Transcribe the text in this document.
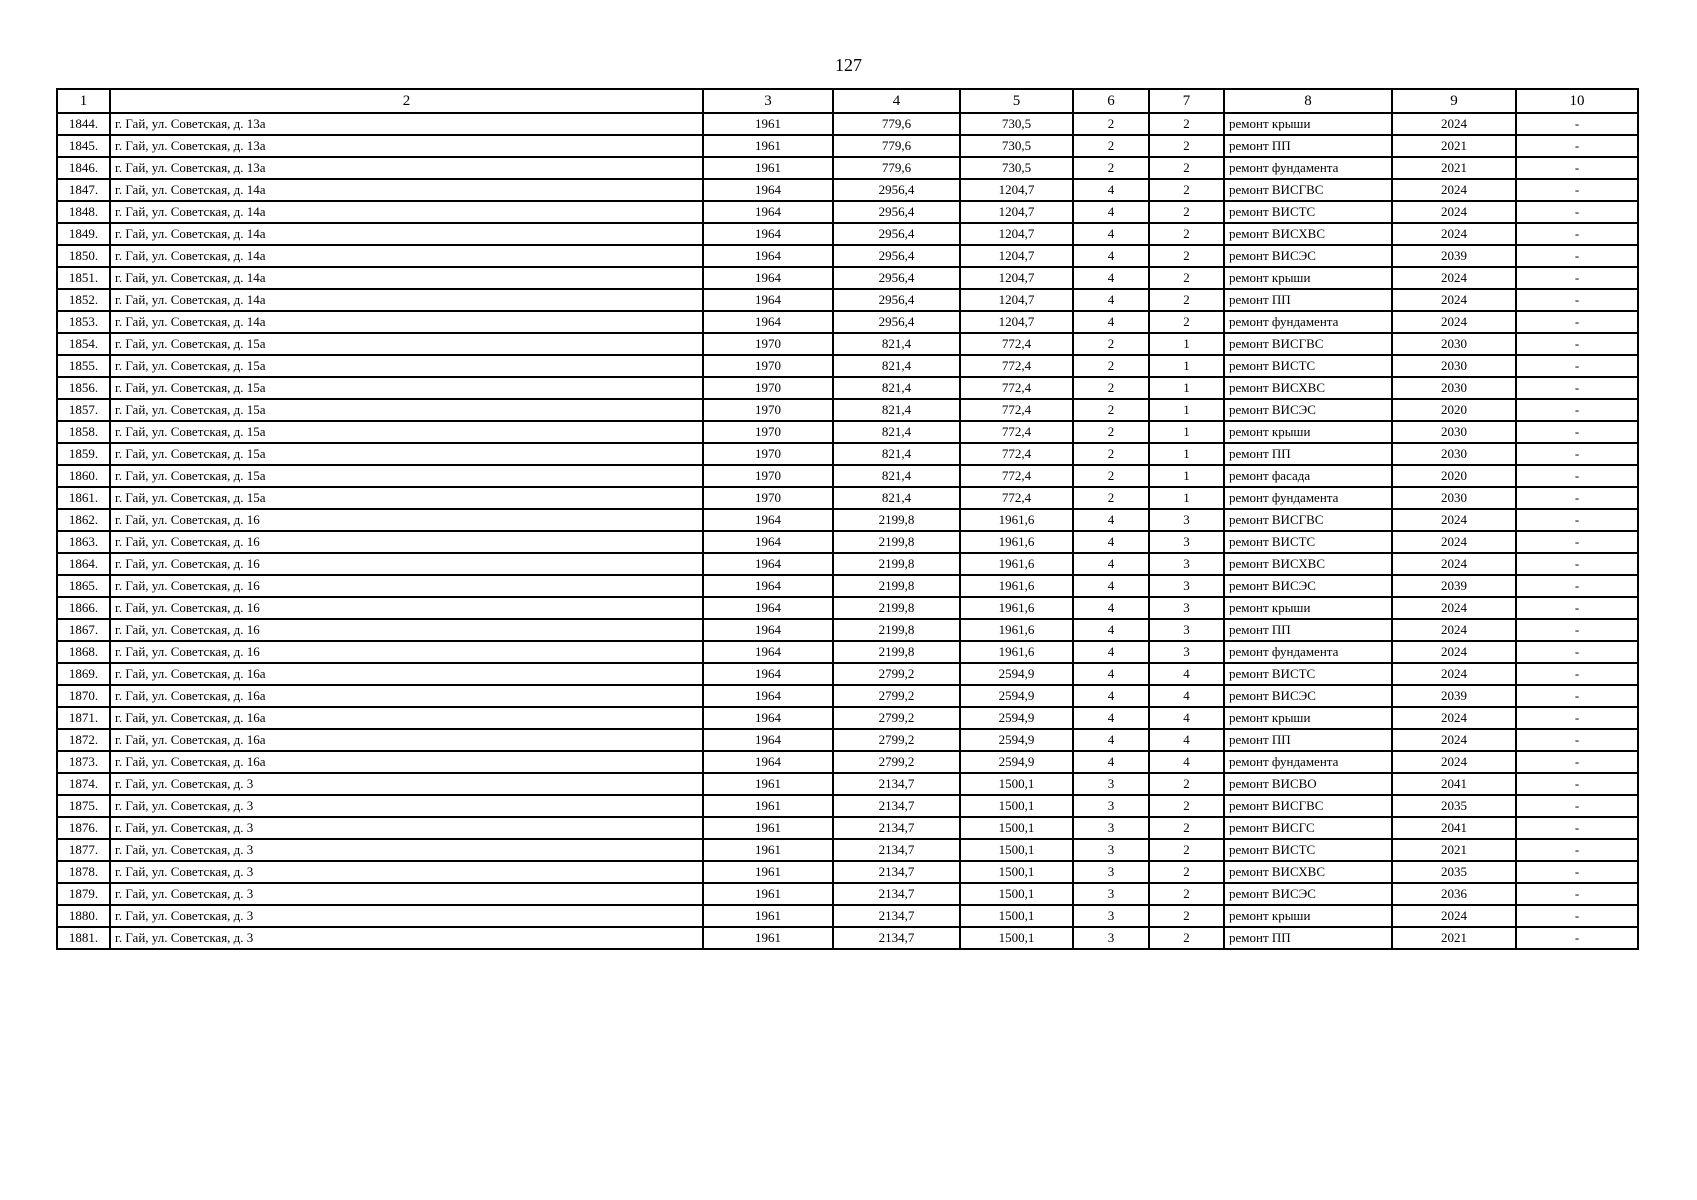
127
1	2	3	4	5	6	7	8	9	10
1844.	г. Гай, ул. Советская, д. 13а	1961	779,6	730,5	2	2	ремонт крыши	2024	-
1845.	г. Гай, ул. Советская, д. 13а	1961	779,6	730,5	2	2	ремонт ПП	2021	-
1846.	г. Гай, ул. Советская, д. 13а	1961	779,6	730,5	2	2	ремонт фундамента	2021	-
1847.	г. Гай, ул. Советская, д. 14а	1964	2956,4	1204,7	4	2	ремонт ВИСГВС	2024	-
1848.	г. Гай, ул. Советская, д. 14а	1964	2956,4	1204,7	4	2	ремонт ВИСТС	2024	-
1849.	г. Гай, ул. Советская, д. 14а	1964	2956,4	1204,7	4	2	ремонт ВИСХВС	2024	-
1850.	г. Гай, ул. Советская, д. 14а	1964	2956,4	1204,7	4	2	ремонт ВИСЭС	2039	-
1851.	г. Гай, ул. Советская, д. 14а	1964	2956,4	1204,7	4	2	ремонт крыши	2024	-
1852.	г. Гай, ул. Советская, д. 14а	1964	2956,4	1204,7	4	2	ремонт ПП	2024	-
1853.	г. Гай, ул. Советская, д. 14а	1964	2956,4	1204,7	4	2	ремонт фундамента	2024	-
1854.	г. Гай, ул. Советская, д. 15а	1970	821,4	772,4	2	1	ремонт ВИСГВС	2030	-
1855.	г. Гай, ул. Советская, д. 15а	1970	821,4	772,4	2	1	ремонт ВИСТС	2030	-
1856.	г. Гай, ул. Советская, д. 15а	1970	821,4	772,4	2	1	ремонт ВИСХВС	2030	-
1857.	г. Гай, ул. Советская, д. 15а	1970	821,4	772,4	2	1	ремонт ВИСЭС	2020	-
1858.	г. Гай, ул. Советская, д. 15а	1970	821,4	772,4	2	1	ремонт крыши	2030	-
1859.	г. Гай, ул. Советская, д. 15а	1970	821,4	772,4	2	1	ремонт ПП	2030	-
1860.	г. Гай, ул. Советская, д. 15а	1970	821,4	772,4	2	1	ремонт фасада	2020	-
1861.	г. Гай, ул. Советская, д. 15а	1970	821,4	772,4	2	1	ремонт фундамента	2030	-
1862.	г. Гай, ул. Советская, д. 16	1964	2199,8	1961,6	4	3	ремонт ВИСГВС	2024	-
1863.	г. Гай, ул. Советская, д. 16	1964	2199,8	1961,6	4	3	ремонт ВИСТС	2024	-
1864.	г. Гай, ул. Советская, д. 16	1964	2199,8	1961,6	4	3	ремонт ВИСХВС	2024	-
1865.	г. Гай, ул. Советская, д. 16	1964	2199,8	1961,6	4	3	ремонт ВИСЭС	2039	-
1866.	г. Гай, ул. Советская, д. 16	1964	2199,8	1961,6	4	3	ремонт крыши	2024	-
1867.	г. Гай, ул. Советская, д. 16	1964	2199,8	1961,6	4	3	ремонт ПП	2024	-
1868.	г. Гай, ул. Советская, д. 16	1964	2199,8	1961,6	4	3	ремонт фундамента	2024	-
1869.	г. Гай, ул. Советская, д. 16а	1964	2799,2	2594,9	4	4	ремонт ВИСТС	2024	-
1870.	г. Гай, ул. Советская, д. 16а	1964	2799,2	2594,9	4	4	ремонт ВИСЭС	2039	-
1871.	г. Гай, ул. Советская, д. 16а	1964	2799,2	2594,9	4	4	ремонт крыши	2024	-
1872.	г. Гай, ул. Советская, д. 16а	1964	2799,2	2594,9	4	4	ремонт ПП	2024	-
1873.	г. Гай, ул. Советская, д. 16а	1964	2799,2	2594,9	4	4	ремонт фундамента	2024	-
1874.	г. Гай, ул. Советская, д. 3	1961	2134,7	1500,1	3	2	ремонт ВИСВО	2041	-
1875.	г. Гай, ул. Советская, д. 3	1961	2134,7	1500,1	3	2	ремонт ВИСГВС	2035	-
1876.	г. Гай, ул. Советская, д. 3	1961	2134,7	1500,1	3	2	ремонт ВИСГС	2041	-
1877.	г. Гай, ул. Советская, д. 3	1961	2134,7	1500,1	3	2	ремонт ВИСТС	2021	-
1878.	г. Гай, ул. Советская, д. 3	1961	2134,7	1500,1	3	2	ремонт ВИСХВС	2035	-
1879.	г. Гай, ул. Советская, д. 3	1961	2134,7	1500,1	3	2	ремонт ВИСЭС	2036	-
1880.	г. Гай, ул. Советская, д. 3	1961	2134,7	1500,1	3	2	ремонт крыши	2024	-
1881.	г. Гай, ул. Советская, д. 3	1961	2134,7	1500,1	3	2	ремонт ПП	2021	-
